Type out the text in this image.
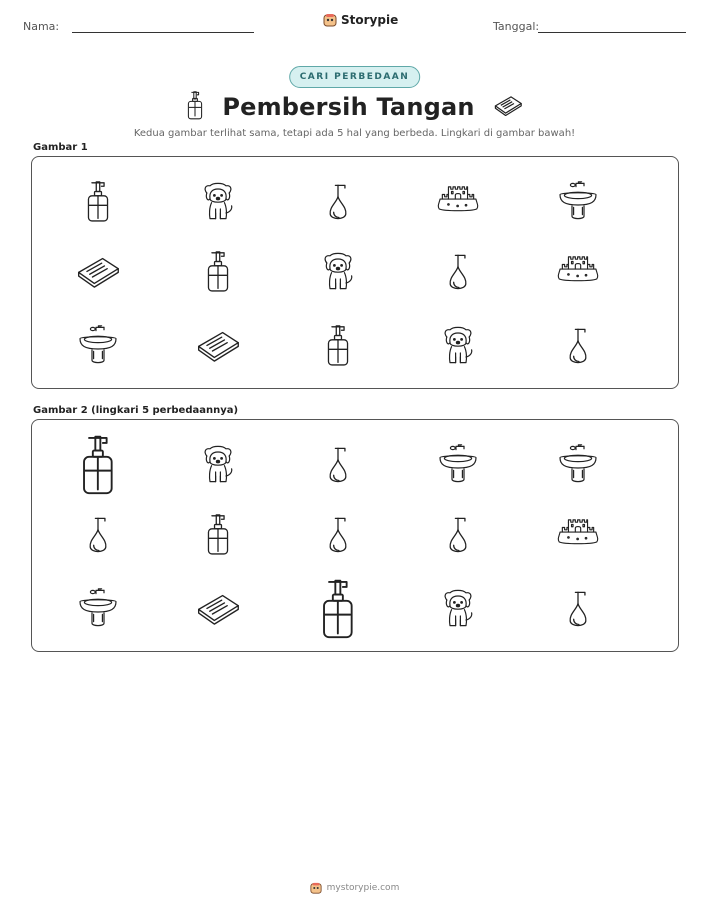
Nama:	Storypie	Tanggal:
CARI PERBEDAAN
Pembersih Tangan
Kedua gambar terlihat sama, tetapi ada 5 hal yang berbeda. Lingkari di gambar bawah!
Gambar 1
Gambar 2 (lingkari 5 perbedaannya)
mystorypie.com
